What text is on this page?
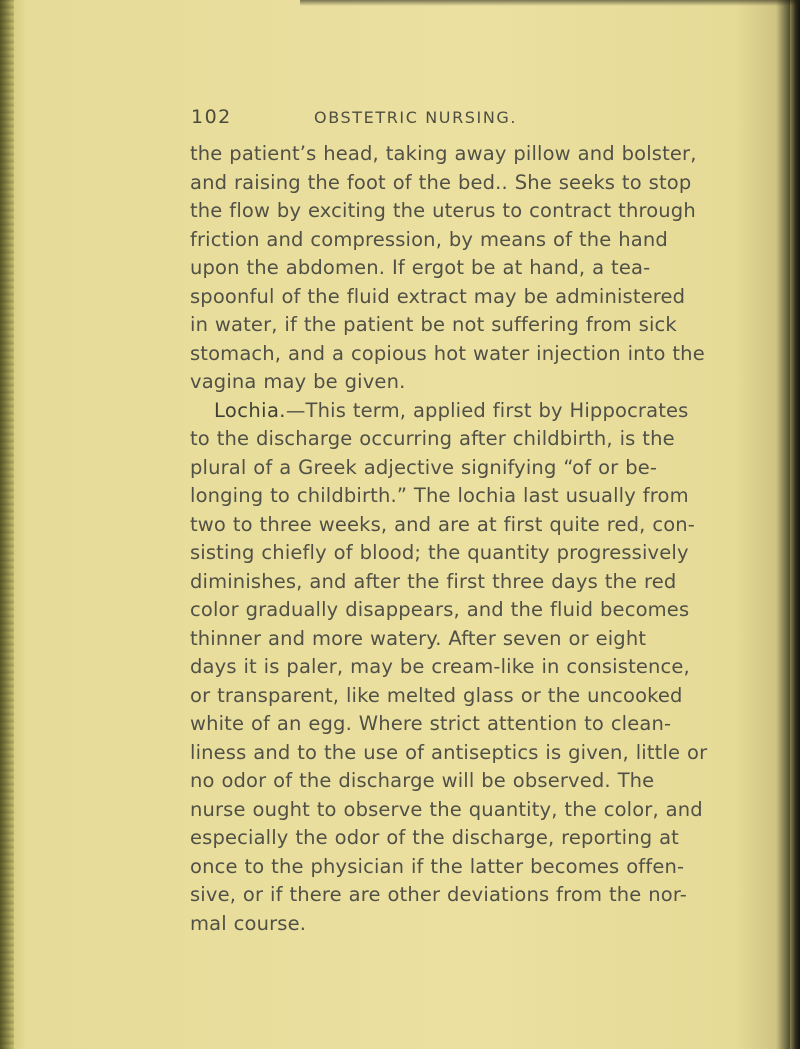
102	OBSTETRIC NURSING.
the patient’s head, taking away pillow and bolster,
and raising the foot of the bed.. She seeks to stop
the flow by exciting the uterus to contract through
friction and compression, by means of the hand
upon the abdomen. If ergot be at hand, a tea-
spoonful of the fluid extract may be administered
in water, if the patient be not suffering from sick
stomach, and a copious hot water injection into the
vagina may be given.
Lochia.—This term, applied first by Hippocrates
to the discharge occurring after childbirth, is the
plural of a Greek adjective signifying “of or be-
longing to childbirth.” The lochia last usually from
two to three weeks, and are at first quite red, con-
sisting chiefly of blood; the quantity progressively
diminishes, and after the first three days the red
color gradually disappears, and the fluid becomes
thinner and more watery. After seven or eight
days it is paler, may be cream-like in consistence,
or transparent, like melted glass or the uncooked
white of an egg. Where strict attention to clean-
liness and to the use of antiseptics is given, little or
no odor of the discharge will be observed. The
nurse ought to observe the quantity, the color, and
especially the odor of the discharge, reporting at
once to the physician if the latter becomes offen-
sive, or if there are other deviations from the nor-
mal course.
